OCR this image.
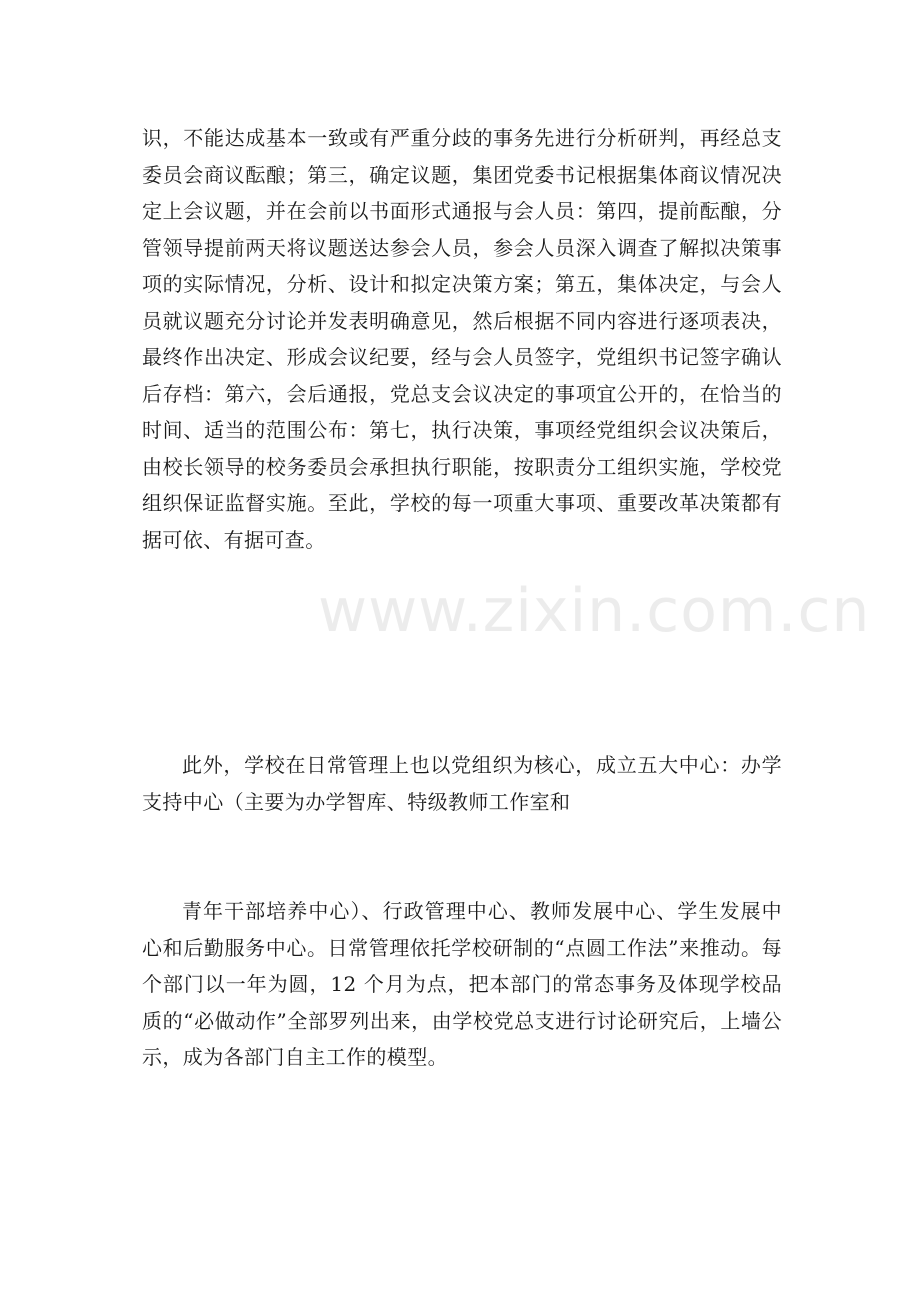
识，不能达成基本一致或有严重分歧的事务先进行分析研判，再经总支委员会商议酝酿；第三，确定议题，集团党委书记根据集体商议情况决定上会议题，并在会前以书面形式通报与会人员：第四，提前酝酿，分管领导提前两天将议题送达参会人员，参会人员深入调查了解拟决策事项的实际情况，分析、设计和拟定决策方案；第五，集体决定，与会人员就议题充分讨论并发表明确意见，然后根据不同内容进行逐项表决，最终作出决定、形成会议纪要，经与会人员签字，党组织书记签字确认后存档：第六，会后通报，党总支会议决定的事项宜公开的，在恰当的时间、适当的范围公布：第七，执行决策，事项经党组织会议决策后，由校长领导的校务委员会承担执行职能，按职责分工组织实施，学校党组织保证监督实施。至此，学校的每一项重大事项、重要改革决策都有据可依、有据可查。

此外，学校在日常管理上也以党组织为核心，成立五大中心：办学支持中心（主要为办学智库、特级教师工作室和

青年干部培养中心）、行政管理中心、教师发展中心、学生发展中心和后勤服务中心。日常管理依托学校研制的“点圆工作法”来推动。每个部门以一年为圆，12 个月为点，把本部门的常态事务及体现学校品质的“必做动作”全部罗列出来，由学校党总支进行讨论研究后，上墙公示，成为各部门自主工作的模型。

www.zixin.com.cn
